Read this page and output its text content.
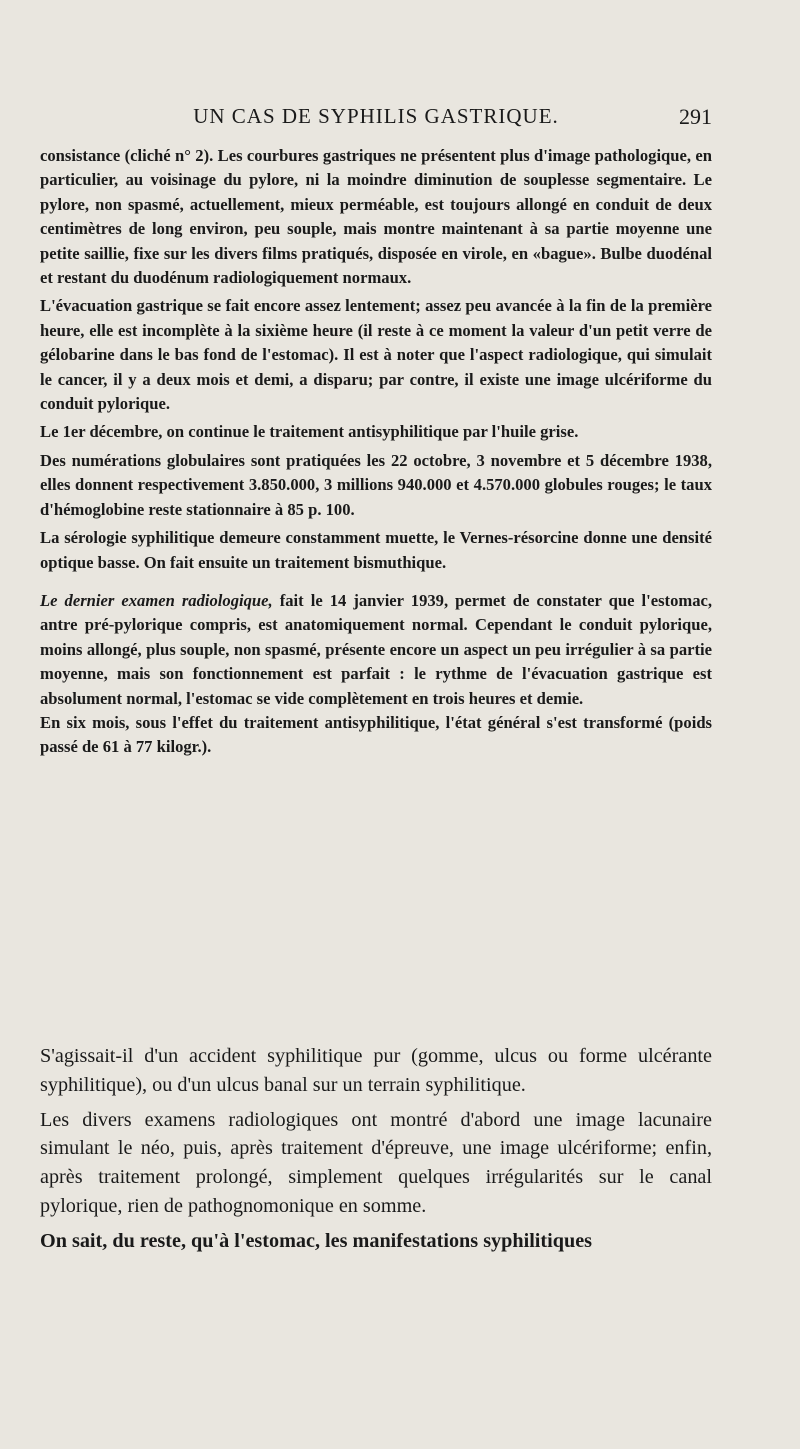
UN CAS DE SYPHILIS GASTRIQUE.	291

consistance (cliché n° 2). Les courbures gastriques ne présentent plus d'image pathologique, en particulier, au voisinage du pylore, ni la moindre diminution de souplesse segmentaire. Le pylore, non spasmé, actuellement, mieux perméable, est toujours allongé en conduit de deux centimètres de long environ, peu souple, mais montre maintenant à sa partie moyenne une petite saillie, fixe sur les divers films pratiqués, disposée en virole, en «bague». Bulbe duodénal et restant du duodénum radiologiquement normaux.

L'évacuation gastrique se fait encore assez lentement; assez peu avancée à la fin de la première heure, elle est incomplète à la sixième heure (il reste à ce moment la valeur d'un petit verre de gélobarine dans le bas fond de l'estomac). Il est à noter que l'aspect radiologique, qui simulait le cancer, il y a deux mois et demi, a disparu; par contre, il existe une image ulcériforme du conduit pylorique.

Le 1er décembre, on continue le traitement antisyphilitique par l'huile grise.

Des numérations globulaires sont pratiquées les 22 octobre, 3 novembre et 5 décembre 1938, elles donnent respectivement 3.850.000, 3 millions 940.000 et 4.570.000 globules rouges; le taux d'hémoglobine reste stationnaire à 85 p. 100.

La sérologie syphilitique demeure constamment muette, le Vernes-résorcine donne une densité optique basse. On fait ensuite un traitement bismuthique.

Le dernier examen radiologique, fait le 14 janvier 1939, permet de constater que l'estomac, antre pré-pylorique compris, est anatomiquement normal. Cependant le conduit pylorique, moins allongé, plus souple, non spasmé, présente encore un aspect un peu irrégulier à sa partie moyenne, mais son fonctionnement est parfait : le rythme de l'évacuation gastrique est absolument normal, l'estomac se vide complètement en trois heures et demie.

En six mois, sous l'effet du traitement antisyphilitique, l'état général s'est transformé (poids passé de 61 à 77 kilogr.).

S'agissait-il d'un accident syphilitique pur (gomme, ulcus ou forme ulcérante syphilitique), ou d'un ulcus banal sur un terrain syphilitique.

Les divers examens radiologiques ont montré d'abord une image lacunaire simulant le néo, puis, après traitement d'épreuve, une image ulcériforme; enfin, après traitement prolongé, simplement quelques irrégularités sur le canal pylorique, rien de pathognomonique en somme.

On sait, du reste, qu'à l'estomac, les manifestations syphilitiques
